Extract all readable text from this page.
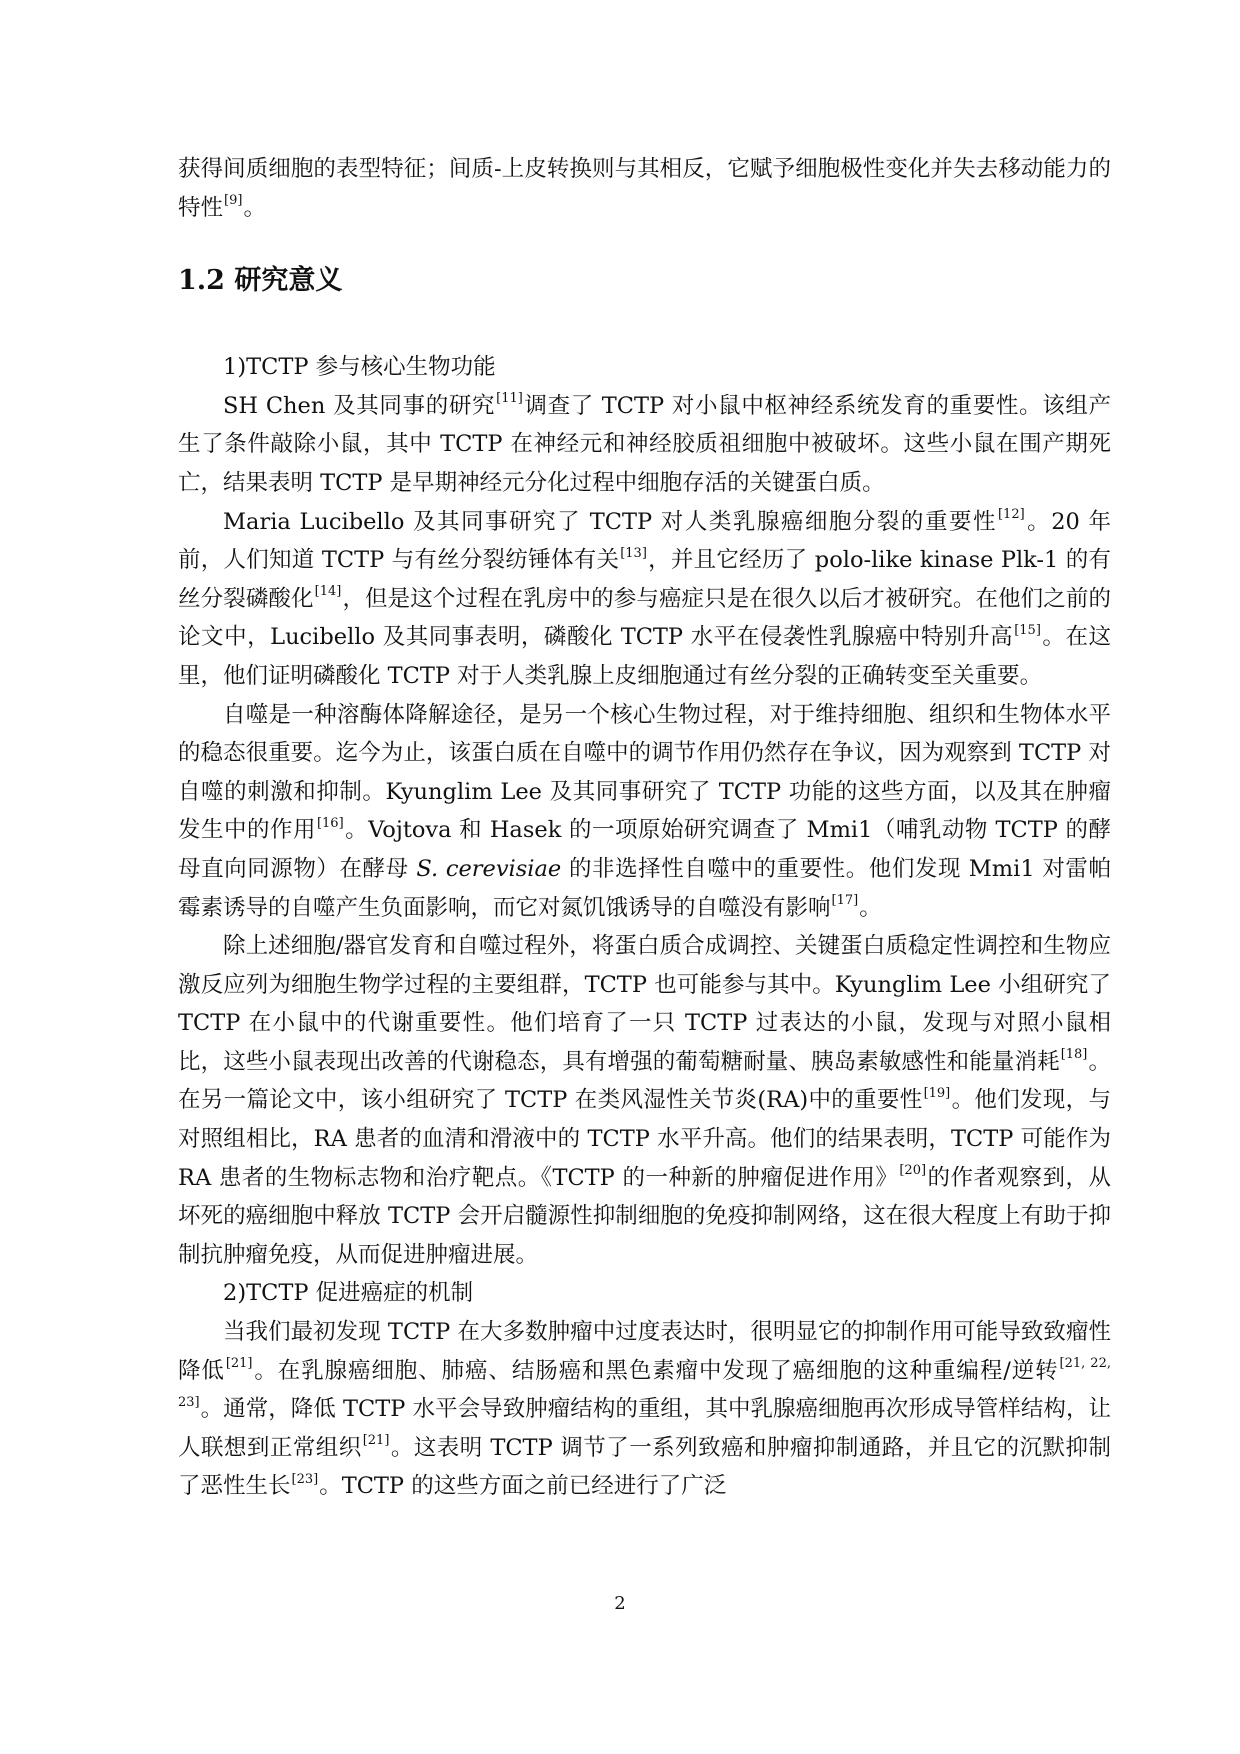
获得间质细胞的表型特征；间质-上皮转换则与其相反，它赋予细胞极性变化并失去移动能力的特性[9]。

1.2 研究意义

1)TCTP 参与核心生物功能

SH Chen 及其同事的研究[11]调查了 TCTP 对小鼠中枢神经系统发育的重要性。该组产生了条件敲除小鼠，其中 TCTP 在神经元和神经胶质祖细胞中被破坏。这些小鼠在围产期死亡，结果表明 TCTP 是早期神经元分化过程中细胞存活的关键蛋白质。

Maria Lucibello 及其同事研究了 TCTP 对人类乳腺癌细胞分裂的重要性[12]。20 年前，人们知道 TCTP 与有丝分裂纺锤体有关[13]，并且它经历了 polo-like kinase Plk-1 的有丝分裂磷酸化[14]，但是这个过程在乳房中的参与癌症只是在很久以后才被研究。在他们之前的论文中，Lucibello 及其同事表明，磷酸化 TCTP 水平在侵袭性乳腺癌中特别升高[15]。在这里，他们证明磷酸化 TCTP 对于人类乳腺上皮细胞通过有丝分裂的正确转变至关重要。

自噬是一种溶酶体降解途径，是另一个核心生物过程，对于维持细胞、组织和生物体水平的稳态很重要。迄今为止，该蛋白质在自噬中的调节作用仍然存在争议，因为观察到 TCTP 对自噬的刺激和抑制。Kyunglim Lee 及其同事研究了 TCTP 功能的这些方面，以及其在肿瘤发生中的作用[16]。Vojtova 和 Hasek 的一项原始研究调查了 Mmi1（哺乳动物 TCTP 的酵母直向同源物）在酵母 S. cerevisiae 的非选择性自噬中的重要性。他们发现 Mmi1 对雷帕霉素诱导的自噬产生负面影响，而它对氮饥饿诱导的自噬没有影响[17]。

除上述细胞/器官发育和自噬过程外，将蛋白质合成调控、关键蛋白质稳定性调控和生物应激反应列为细胞生物学过程的主要组群，TCTP 也可能参与其中。Kyunglim Lee 小组研究了 TCTP 在小鼠中的代谢重要性。他们培育了一只 TCTP 过表达的小鼠，发现与对照小鼠相比，这些小鼠表现出改善的代谢稳态，具有增强的葡萄糖耐量、胰岛素敏感性和能量消耗[18]。在另一篇论文中，该小组研究了 TCTP 在类风湿性关节炎(RA)中的重要性[19]。他们发现，与对照组相比，RA 患者的血清和滑液中的 TCTP 水平升高。他们的结果表明，TCTP 可能作为 RA 患者的生物标志物和治疗靶点。《TCTP 的一种新的肿瘤促进作用》[20]的作者观察到，从坏死的癌细胞中释放 TCTP 会开启髓源性抑制细胞的免疫抑制网络，这在很大程度上有助于抑制抗肿瘤免疫，从而促进肿瘤进展。

2)TCTP 促进癌症的机制

当我们最初发现 TCTP 在大多数肿瘤中过度表达时，很明显它的抑制作用可能导致致瘤性降低[21]。在乳腺癌细胞、肺癌、结肠癌和黑色素瘤中发现了癌细胞的这种重编程/逆转[21, 22, 23]。通常，降低 TCTP 水平会导致肿瘤结构的重组，其中乳腺癌细胞再次形成导管样结构，让人联想到正常组织[21]。这表明 TCTP 调节了一系列致癌和肿瘤抑制通路，并且它的沉默抑制了恶性生长[23]。TCTP 的这些方面之前已经进行了广泛

2
